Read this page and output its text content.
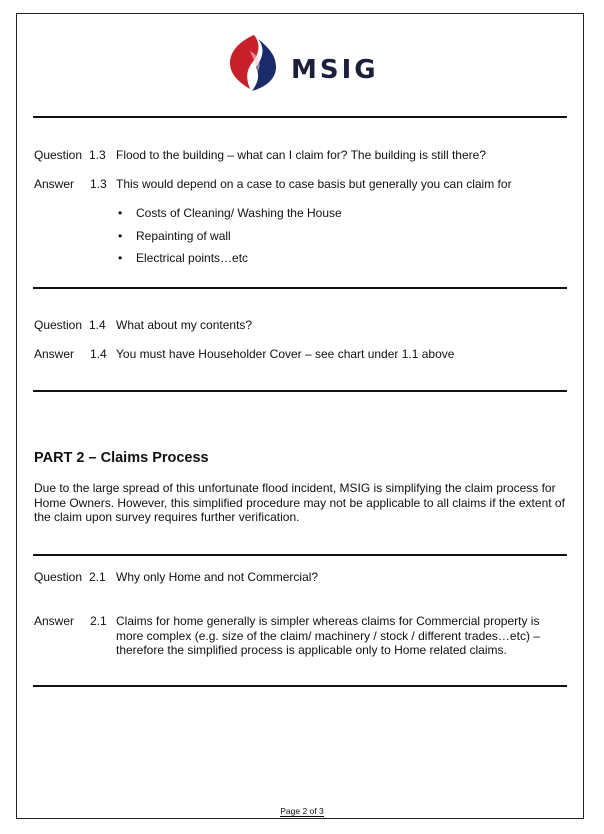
MSIG
Question 1.3 Flood to the building – what can I claim for? The building is still there?
Answer 1.3 This would depend on a case to case basis but generally you can claim for
• Costs of Cleaning/ Washing the House
• Repainting of wall
• Electrical points…etc
Question 1.4 What about my contents?
Answer 1.4 You must have Householder Cover – see chart under 1.1 above
PART 2 – Claims Process

Due to the large spread of this unfortunate flood incident, MSIG is simplifying the claim process for Home Owners. However, this simplified procedure may not be applicable to all claims if the extent of the claim upon survey requires further verification.

Question 2.1 Why only Home and not Commercial?
Answer 2.1 Claims for home generally is simpler whereas claims for Commercial property is more complex (e.g. size of the claim/ machinery / stock / different trades…etc) – therefore the simplified process is applicable only to Home related claims.

Page 2 of 3
